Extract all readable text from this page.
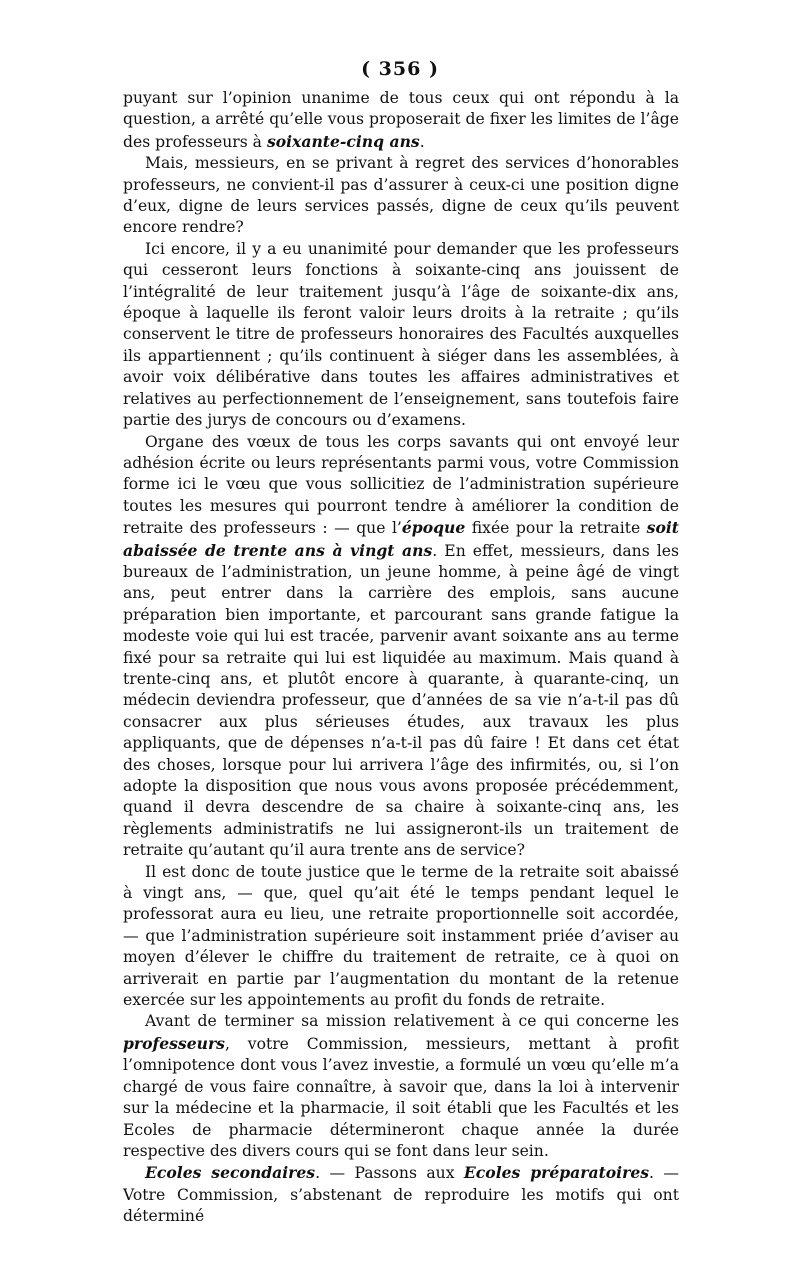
( 356 )

puyant sur l’opinion unanime de tous ceux qui ont répondu à la question, a arrêté qu’elle vous proposerait de fixer les limites de l’âge des professeurs à soixante-cinq ans.

Mais, messieurs, en se privant à regret des services d’honorables professeurs, ne convient-il pas d’assurer à ceux-ci une position digne d’eux, digne de leurs services passés, digne de ceux qu’ils peuvent encore rendre?

Ici encore, il y a eu unanimité pour demander que les professeurs qui cesseront leurs fonctions à soixante-cinq ans jouissent de l’intégralité de leur traitement jusqu’à l’âge de soixante-dix ans, époque à laquelle ils feront valoir leurs droits à la retraite ; qu’ils conservent le titre de professeurs honoraires des Facultés auxquelles ils appartiennent ; qu’ils continuent à siéger dans les assemblées, à avoir voix délibérative dans toutes les affaires administratives et relatives au perfectionnement de l’enseignement, sans toutefois faire partie des jurys de concours ou d’examens.

Organe des vœux de tous les corps savants qui ont envoyé leur adhésion écrite ou leurs représentants parmi vous, votre Commission forme ici le vœu que vous sollicitiez de l’administration supérieure toutes les mesures qui pourront tendre à améliorer la condition de retraite des professeurs : — que l’époque fixée pour la retraite soit abaissée de trente ans à vingt ans. En effet, messieurs, dans les bureaux de l’administration, un jeune homme, à peine âgé de vingt ans, peut entrer dans la carrière des emplois, sans aucune préparation bien importante, et parcourant sans grande fatigue la modeste voie qui lui est tracée, parvenir avant soixante ans au terme fixé pour sa retraite qui lui est liquidée au maximum. Mais quand à trente-cinq ans, et plutôt encore à quarante, à quarante-cinq, un médecin deviendra professeur, que d’années de sa vie n’a-t-il pas dû consacrer aux plus sérieuses études, aux travaux les plus appliquants, que de dépenses n’a-t-il pas dû faire ! Et dans cet état des choses, lorsque pour lui arrivera l’âge des infirmités, ou, si l’on adopte la disposition que nous vous avons proposée précédemment, quand il devra descendre de sa chaire à soixante-cinq ans, les règlements administratifs ne lui assigneront-ils un traitement de retraite qu’autant qu’il aura trente ans de service?

Il est donc de toute justice que le terme de la retraite soit abaissé à vingt ans, — que, quel qu’ait été le temps pendant lequel le professorat aura eu lieu, une retraite proportionnelle soit accordée, — que l’administration supérieure soit instamment priée d’aviser au moyen d’élever le chiffre du traitement de retraite, ce à quoi on arriverait en partie par l’augmentation du montant de la retenue exercée sur les appointements au profit du fonds de retraite.

Avant de terminer sa mission relativement à ce qui concerne les professeurs, votre Commission, messieurs, mettant à profit l’omnipotence dont vous l’avez investie, a formulé un vœu qu’elle m’a chargé de vous faire connaître, à savoir que, dans la loi à intervenir sur la médecine et la pharmacie, il soit établi que les Facultés et les Ecoles de pharmacie détermineront chaque année la durée respective des divers cours qui se font dans leur sein.

Ecoles secondaires. — Passons aux Ecoles préparatoires. — Votre Commission, s’abstenant de reproduire les motifs qui ont déterminé
